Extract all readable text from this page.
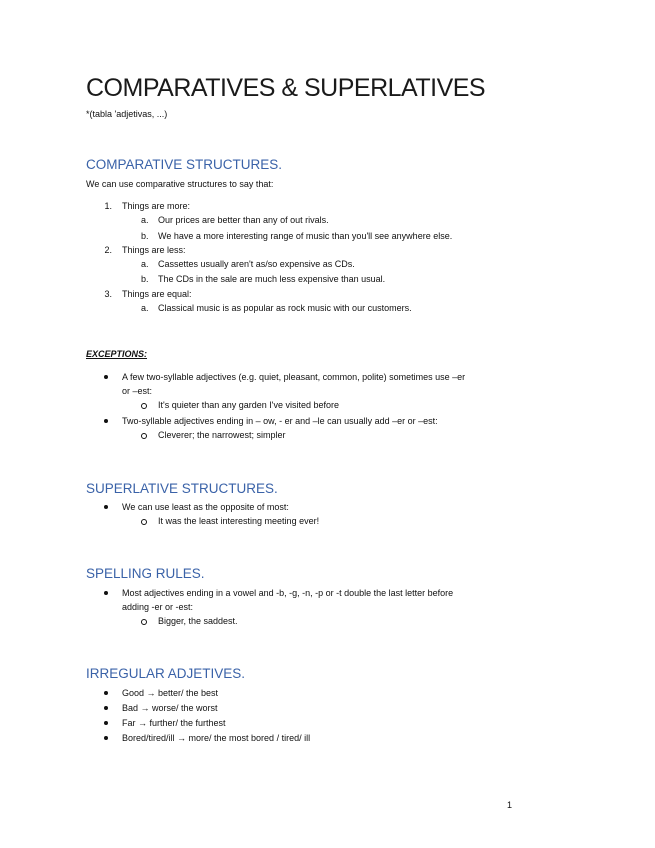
COMPARATIVES & SUPERLATIVES
*(tabla 'adjetivas, ...)
COMPARATIVE STRUCTURES.
We can use comparative structures to say that:
1. Things are more:
a. Our prices are better than any of out rivals.
b. We have a more interesting range of music than you'll see anywhere else.
2. Things are less:
a. Cassettes usually aren't as/so expensive as CDs.
b. The CDs in the sale are much less expensive than usual.
3. Things are equal:
a. Classical music is as popular as rock music with our customers.
EXCEPTIONS:
A few two-syllable adjectives (e.g. quiet, pleasant, common, polite) sometimes use –er
or –est:
It's quieter than any garden I've visited before
Two-syllable adjectives ending in – ow, - er and –le can usually add –er or –est:
Cleverer; the narrowest; simpler
SUPERLATIVE STRUCTURES.
We can use least as the opposite of most:
It was the least interesting meeting ever!
SPELLING RULES.
Most adjectives ending in a vowel and -b, -g, -n, -p or -t double the last letter before
adding -er or -est:
Bigger, the saddest.
IRREGULAR ADJETIVES.
Good → better/ the best
Bad → worse/ the worst
Far → further/ the furthest
Bored/tired/ill → more/ the most bored / tired/ ill
1
